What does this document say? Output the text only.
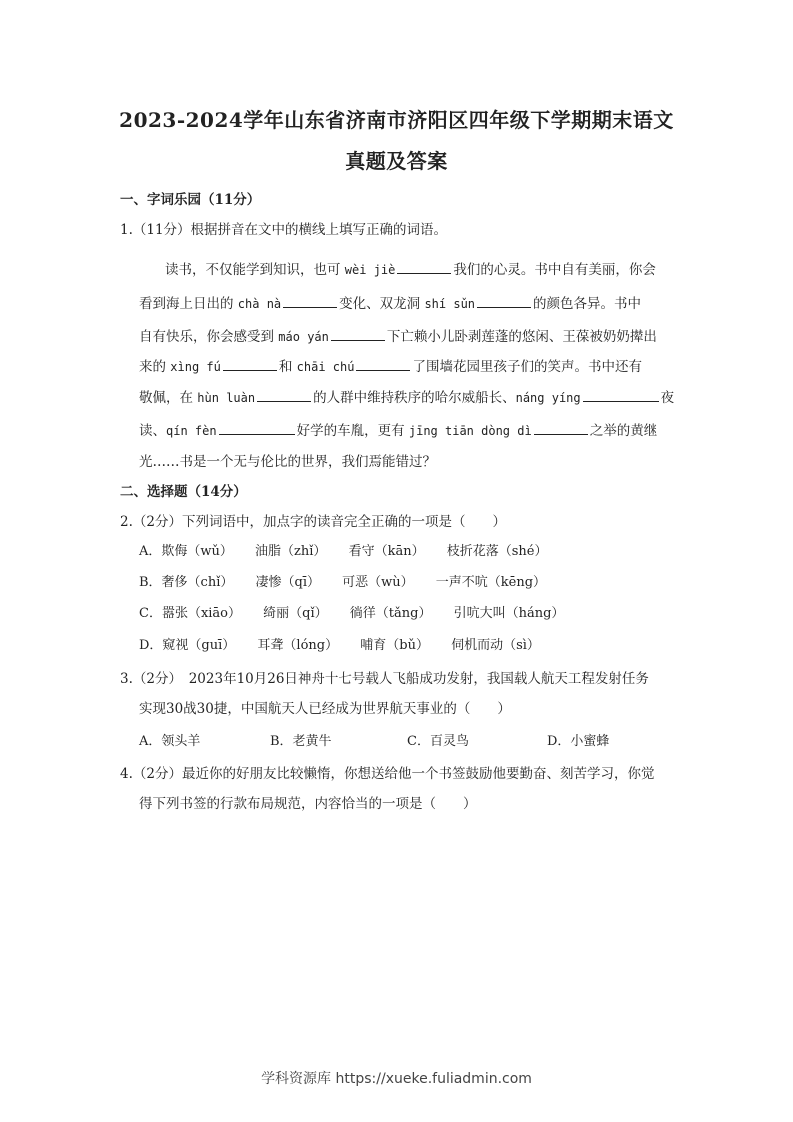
2023-2024学年山东省济南市济阳区四年级下学期期末语文
真题及答案
一、字词乐园（11分）
1.（11分）根据拼音在文中的横线上填写正确的词语。
读书，不仅能学到知识，也可 wèi jiè	我们的心灵。书中自有美丽，你会
看到海上日出的 chà nà	变化、双龙洞 shí sǔn	的颜色各异。书中
自有快乐，你会感受到 máo yán	下亡赖小儿卧剥莲蓬的悠闲、王葆被奶奶撵出
来的 xìng fú	和 chāi chú	了围墙花园里孩子们的笑声。书中还有
敬佩，在 hùn luàn	的人群中维持秩序的哈尔威船长、náng yíng	夜
读、qín fèn	好学的车胤，更有 jīng tiān dòng dì	之举的黄继
光……书是一个无与伦比的世界，我们焉能错过？
二、选择题（14分）
2.（2分）下列词语中，加点字的读音完全正确的一项是（　　）
A．欺侮（wǔ） 油脂（zhǐ） 看守（kān） 枝折花落（shé）
B．奢侈（chǐ） 凄惨（qī） 可恶（wù） 一声不吭（kēng）
C．嚣张（xiāo） 绮丽（qǐ） 徜徉（tǎng） 引吭大叫（háng）
D．窥视（guī） 耳聋（lóng） 哺育（bǔ） 伺机而动（sì）
3.（2分）　2023年10月26日神舟十七号载人飞船成功发射，我国载人航天工程发射任务
实现30战30捷，中国航天人已经成为世界航天事业的（　　）
A．领头羊	B．老黄牛	C．百灵鸟	D．小蜜蜂
4.（2分）最近你的好朋友比较懒惰，你想送给他一个书签鼓励他要勤奋、刻苦学习，你觉
得下列书签的行款布局规范，内容恰当的一项是（　　）
学科资源库 https://xueke.fuliadmin.com
